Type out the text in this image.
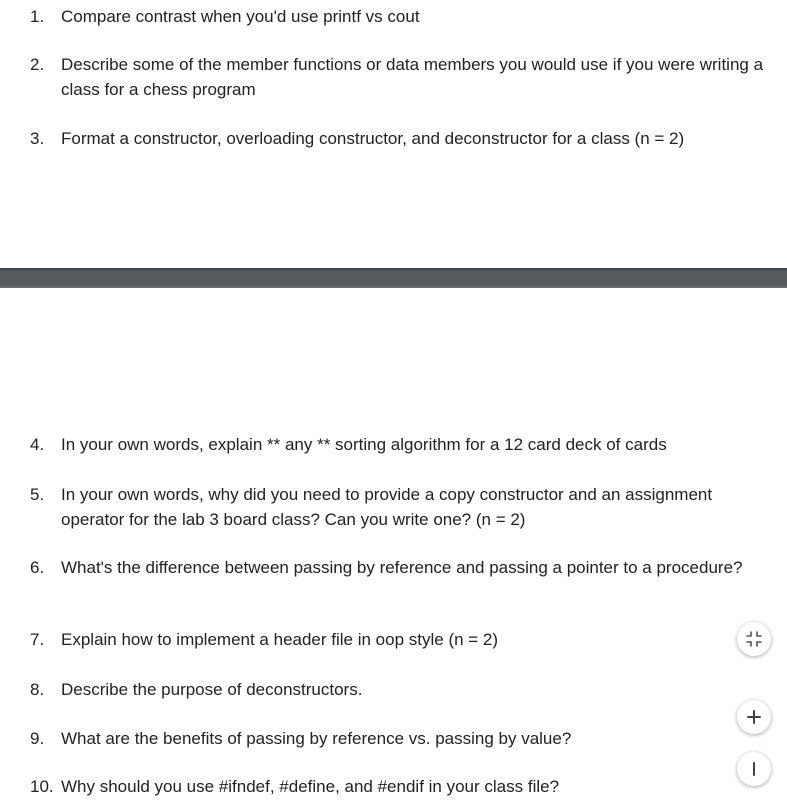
1. Compare contrast when you'd use printf vs cout
2. Describe some of the member functions or data members you would use if you were writing a class for a chess program
3. Format a constructor, overloading constructor, and deconstructor for a class (n = 2)
4. In your own words, explain ** any ** sorting algorithm for a 12 card deck of cards
5. In your own words, why did you need to provide a copy constructor and an assignment operator for the lab 3 board class? Can you write one? (n = 2)
6. What's the difference between passing by reference and passing a pointer to a procedure?
7. Explain how to implement a header file in oop style (n = 2)
8. Describe the purpose of deconstructors.
9. What are the benefits of passing by reference vs. passing by value?
10. Why should you use #ifndef, #define, and #endif in your class file?
